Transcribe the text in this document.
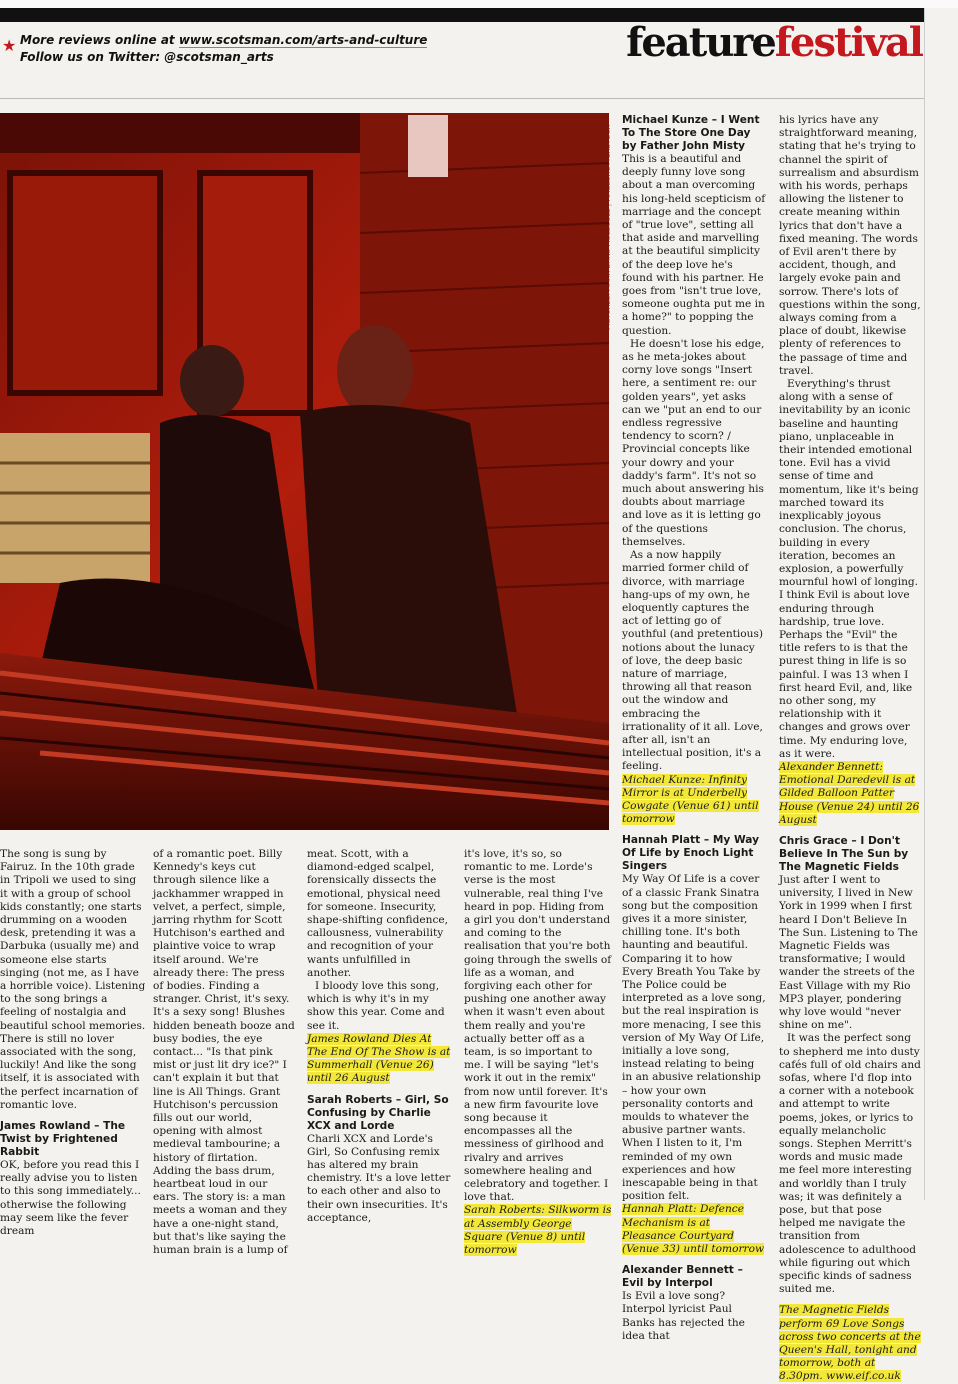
★ More reviews online at www.scotsman.com/arts-and-culture
Follow us on Twitter: @scotsman_arts	featurefestival

The song is sung by Fairuz. In the 10th grade in Tripoli we used to sing it with a group of school kids constantly; one starts drumming on a wooden desk, pretending it was a Darbuka (usually me) and someone else starts singing (not me, as I have a horrible voice). Listening to the song brings a feeling of nostalgia and beautiful school memories. There is still no lover associated with the song, luckily! And like the song itself, it is associated with the perfect incarnation of romantic love.

James Rowland – The Twist by Frightened Rabbit

OK, before you read this I really advise you to listen to this song immediately... otherwise the following may seem like the fever dream

of a romantic poet. Billy Kennedy's keys cut through silence like a jackhammer wrapped in velvet, a perfect, simple, jarring rhythm for Scott Hutchison's earthed and plaintive voice to wrap itself around. We're already there: The press of bodies. Finding a stranger. Christ, it's sexy. It's a sexy song! Blushes hidden beneath booze and busy bodies, the eye contact... "Is that pink mist or just lit dry ice?" I can't explain it but that line is All Things. Grant Hutchison's percussion fills out our world, opening with almost medieval tambourine; a history of flirtation. Adding the bass drum, heartbeat loud in our ears. The story is: a man meets a woman and they have a one-night stand, but that's like saying the human brain is a lump of

meat. Scott, with a diamond-edged scalpel, forensically dissects the emotional, physical need for someone. Insecurity, shape-shifting confidence, callousness, vulnerability and recognition of your wants unfulfilled in another.

I bloody love this song, which is why it's in my show this year. Come and see it.

James Rowland Dies At The End Of The Show is at Summerhall (Venue 26) until 26 August
Sarah Roberts – Girl, So Confusing by Charlie XCX and Lorde

Charli XCX and Lorde's Girl, So Confusing remix has altered my brain chemistry. It's a love letter to each other and also to their own insecurities. It's acceptance,

it's love, it's so, so romantic to me. Lorde's verse is the most vulnerable, real thing I've heard in pop. Hiding from a girl you don't understand and coming to the realisation that you're both going through the swells of life as a woman, and forgiving each other for pushing one another away when it wasn't even about them really and you're actually better off as a team, is so important to me. I will be saying "let's work it out in the remix" from now until forever. It's a new firm favourite love song because it encompasses all the messiness of girlhood and rivalry and arrives somewhere healing and celebratory and together. I love that.

Sarah Roberts: Silkworm is at Assembly George Square (Venue 8) until tomorrow
Michael Kunze – I Went To The Store One Day by Father John Misty

This is a beautiful and deeply funny love song about a man overcoming his long-held scepticism of marriage and the concept of "true love", setting all that aside and marvelling at the beautiful simplicity of the deep love he's found with his partner. He goes from "isn't true love, someone oughta put me in a home?" to popping the question.

He doesn't lose his edge, as he meta-jokes about corny love songs "Insert here, a sentiment re: our golden years", yet asks can we "put an end to our endless regressive tendency to scorn? / Provincial concepts like your dowry and your daddy's farm". It's not so much about answering his doubts about marriage and love as it is letting go of the questions themselves.

As a now happily married former child of divorce, with marriage hang-ups of my own, he eloquently captures the act of letting go of youthful (and pretentious) notions about the lunacy of love, the deep basic nature of marriage, throwing all that reason out the window and embracing the irrationality of it all. Love, after all, isn't an intellectual position, it's a feeling.

Michael Kunze: Infinity Mirror is at Underbelly Cowgate (Venue 61) until tomorrow
Hannah Platt – My Way Of Life by Enoch Light Singers

My Way Of Life is a cover of a classic Frank Sinatra song but the composition gives it a more sinister, chilling tone. It's both haunting and beautiful. Comparing it to how Every Breath You Take by The Police could be interpreted as a love song, but the real inspiration is more menacing, I see this version of My Way Of Life, initially a love song, instead relating to being in an abusive relationship – how your own personality contorts and moulds to whatever the abusive partner wants. When I listen to it, I'm reminded of my own experiences and how inescapable being in that position felt.

Hannah Platt: Defence Mechanism is at Pleasance Courtyard (Venue 33) until tomorrow
Alexander Bennett – Evil by Interpol

Is Evil a love song? Interpol lyricist Paul Banks has rejected the idea that

his lyrics have any straightforward meaning, stating that he's trying to channel the spirit of surrealism and absurdism with his words, perhaps allowing the listener to create meaning within lyrics that don't have a fixed meaning. The words of Evil aren't there by accident, though, and largely evoke pain and sorrow. There's lots of questions within the song, always coming from a place of doubt, likewise plenty of references to the passage of time and travel.

Everything's thrust along with a sense of inevitability by an iconic baseline and haunting piano, unplaceable in their intended emotional tone. Evil has a vivid sense of time and momentum, like it's being marched toward its inexplicably joyous conclusion. The chorus, building in every iteration, becomes an explosion, a powerfully mournful howl of longing. I think Evil is about love enduring through hardship, true love. Perhaps the "Evil" the title refers to is that the purest thing in life is so painful. I was 13 when I first heard Evil, and, like no other song, my relationship with it changes and grows over time. My enduring love, as it were.

Alexander Bennett: Emotional Daredevil is at Gilded Balloon Patter House (Venue 24) until 26 August
Chris Grace – I Don't Believe In The Sun by The Magnetic Fields

Just after I went to university, I lived in New York in 1999 when I first heard I Don't Believe In The Sun. Listening to The Magnetic Fields was transformative; I would wander the streets of the East Village with my Rio MP3 player, pondering why love would "never shine on me".

It was the perfect song to shepherd me into dusty cafés full of old chairs and sofas, where I'd flop into a corner with a notebook and attempt to write poems, jokes, or lyrics to equally melancholic songs. Stephen Merritt's words and music made me feel more interesting and worldly than I truly was; it was definitely a pose, but that pose helped me navigate the transition from adolescence to adulthood while figuring out which specific kinds of sadness suited me.

The Magnetic Fields perform 69 Love Songs across two concerts at the Queen's Hall, tonight and tomorrow, both at 8.30pm. www.eif.co.uk
